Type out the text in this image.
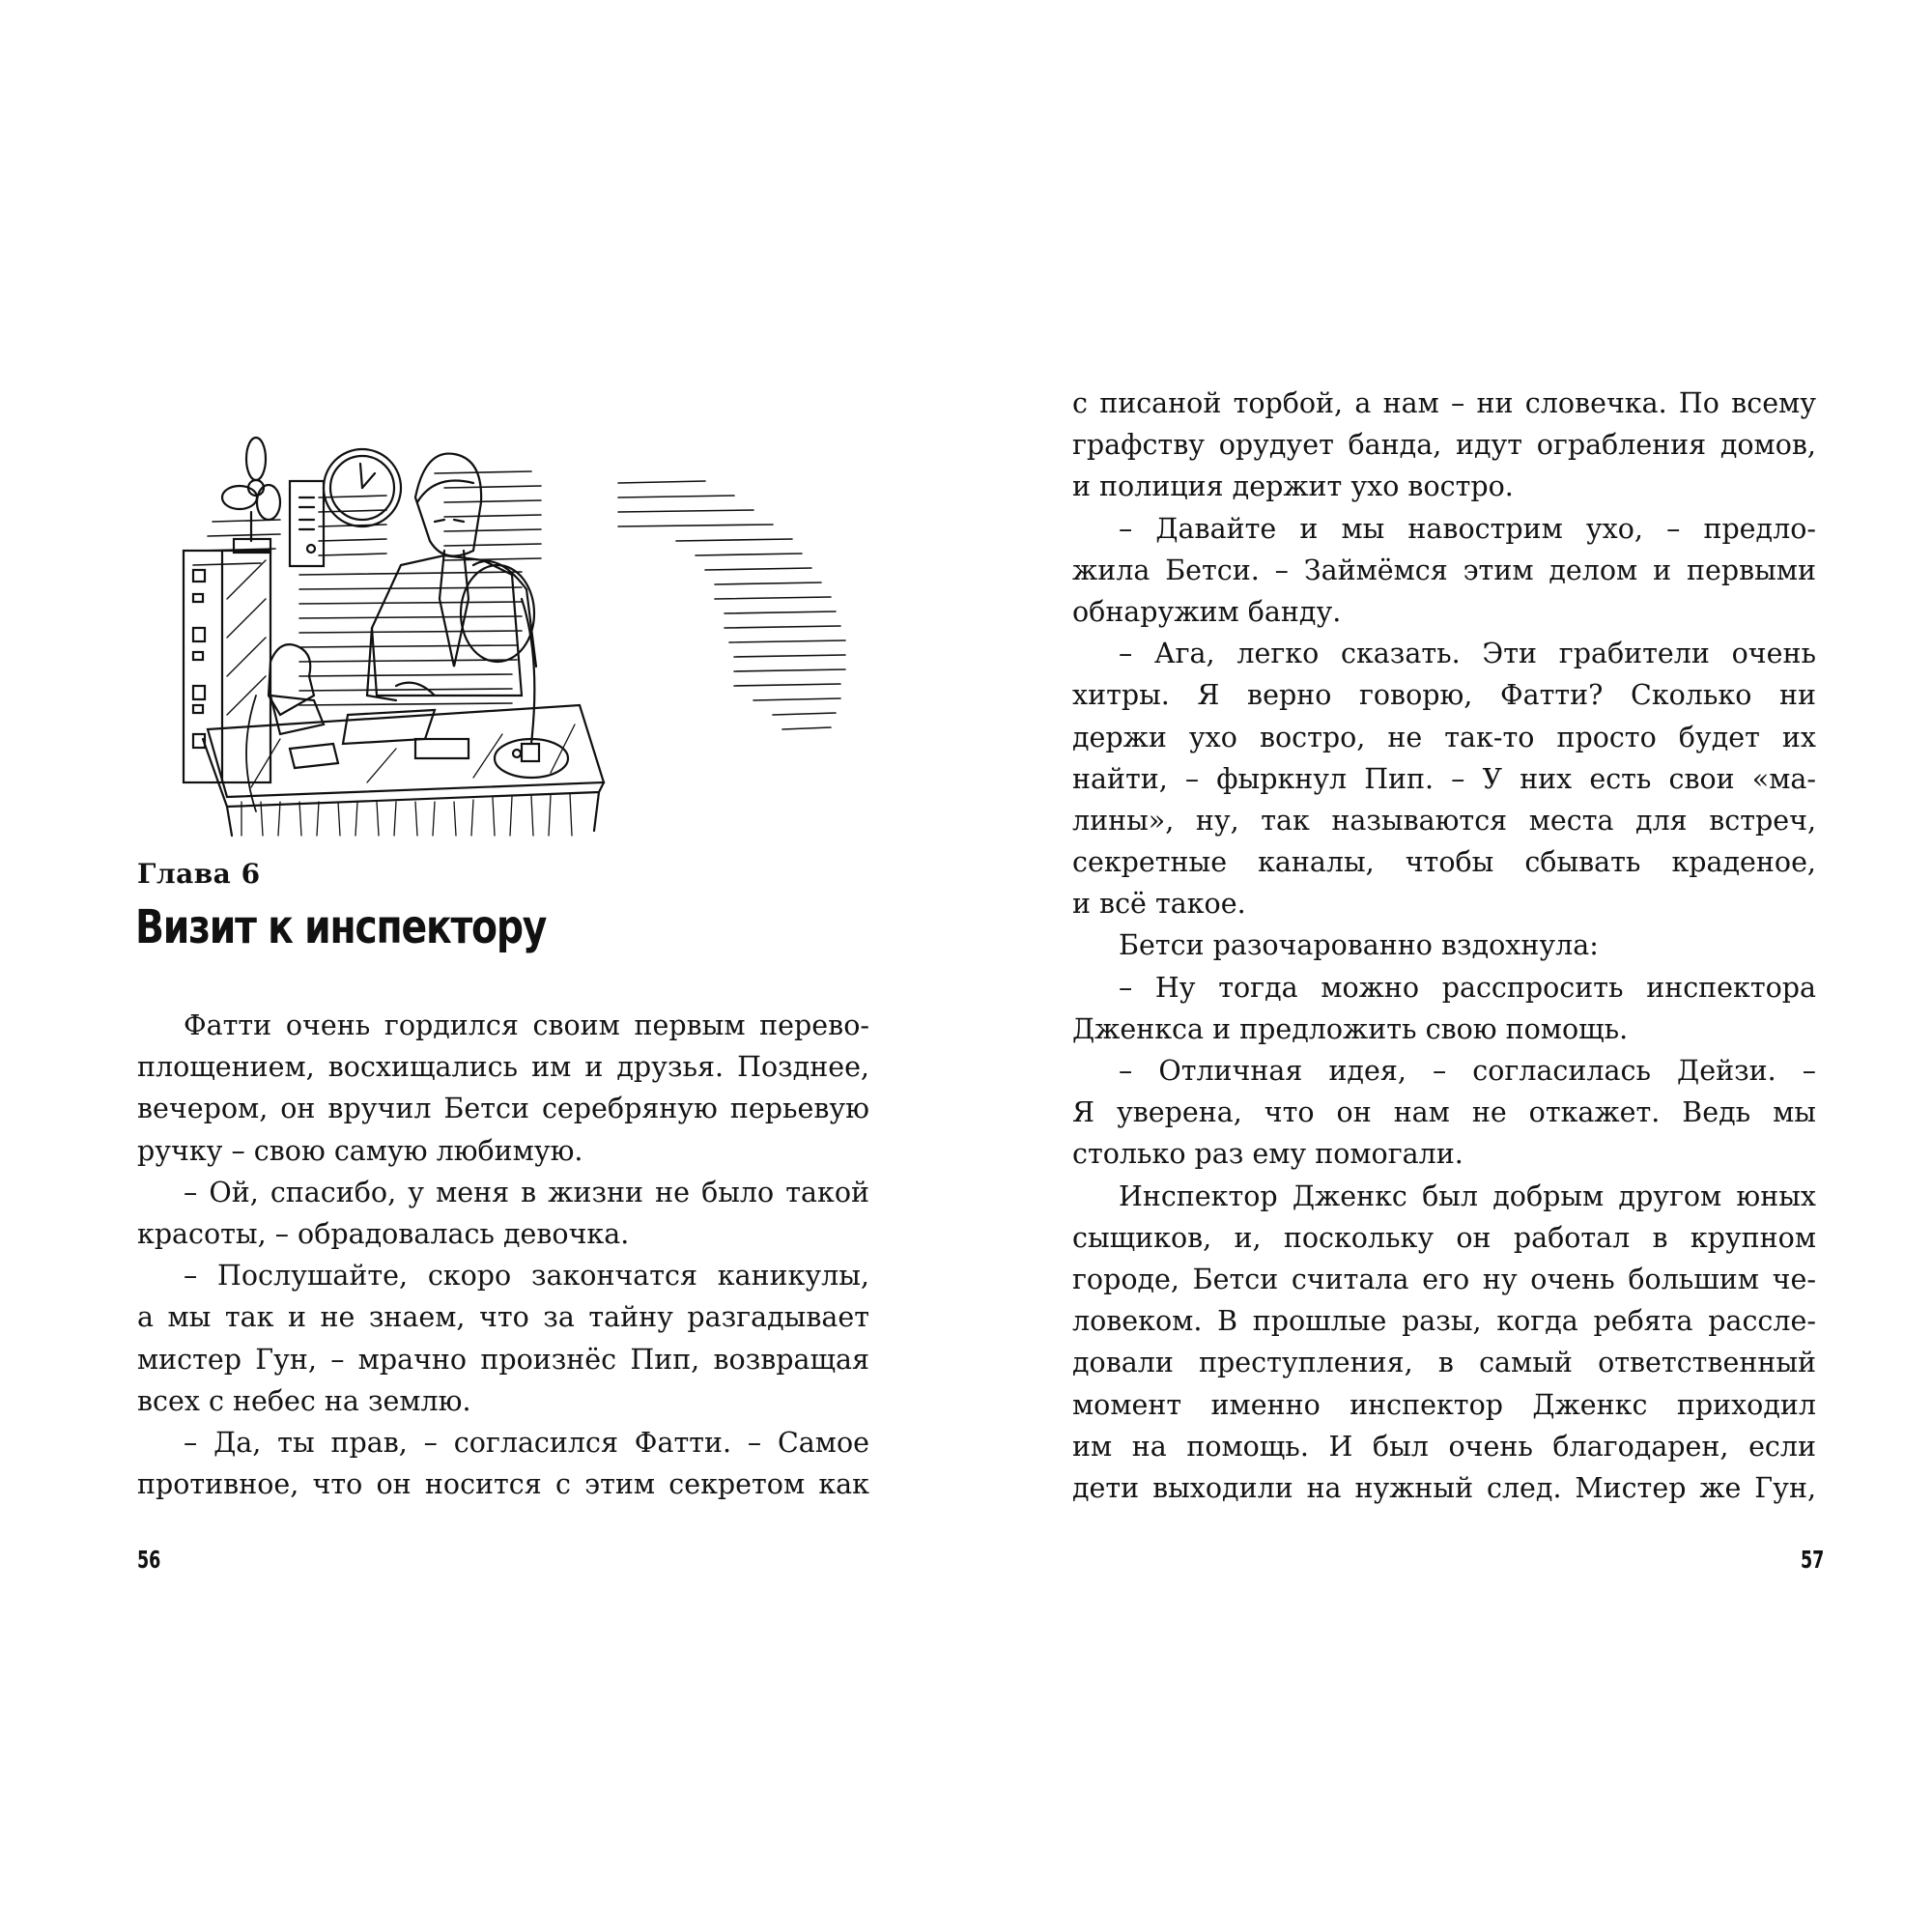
Глава 6
Визит к инспектору
Фатти очень гордился своим первым перево-
площением, восхищались им и друзья. Позднее,
вечером, он вручил Бетси серебряную перьевую
ручку – свою самую любимую.
– Ой, спасибо, у меня в жизни не было такой
красоты, – обрадовалась девочка.
– Послушайте, скоро закончатся каникулы,
а мы так и не знаем, что за тайну разгадывает
мистер Гун, – мрачно произнёс Пип, возвращая
всех с небес на землю.
– Да, ты прав, – согласился Фатти. – Самое
противное, что он носится с этим секретом как
56
с писаной торбой, а нам – ни словечка. По всему
графству орудует банда, идут ограбления домов,
и полиция держит ухо востро.
– Давайте и мы навострим ухо, – предло-
жила Бетси. – Займёмся этим делом и первыми
обнаружим банду.
– Ага, легко сказать. Эти грабители очень
хитры. Я верно говорю, Фатти? Сколько ни
держи ухо востро, не так-то просто будет их
найти, – фыркнул Пип. – У них есть свои «ма-
лины», ну, так называются места для встреч,
секретные каналы, чтобы сбывать краденое,
и всё такое.
Бетси разочарованно вздохнула:
– Ну тогда можно расспросить инспектора
Дженкса и предложить свою помощь.
– Отличная идея, – согласилась Дейзи. –
Я уверена, что он нам не откажет. Ведь мы
столько раз ему помогали.
Инспектор Дженкс был добрым другом юных
сыщиков, и, поскольку он работал в крупном
городе, Бетси считала его ну очень большим че-
ловеком. В прошлые разы, когда ребята рассле-
довали преступления, в самый ответственный
момент именно инспектор Дженкс приходил
им на помощь. И был очень благодарен, если
дети выходили на нужный след. Мистер же Гун,
57
